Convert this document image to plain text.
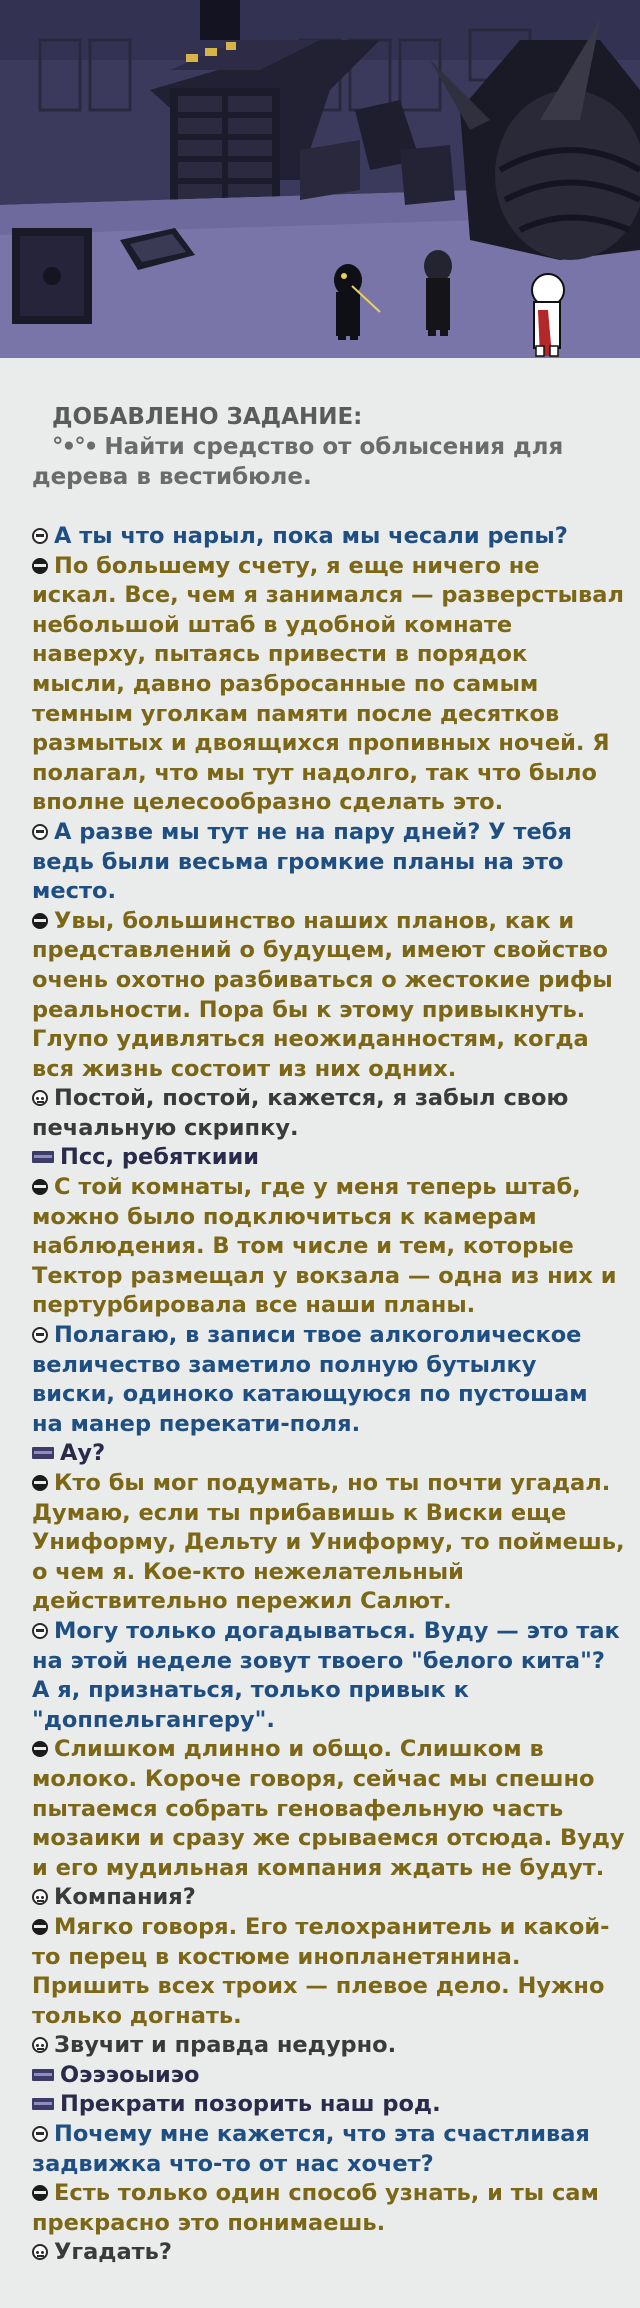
ДОБАВЛЕНО ЗАДАНИЕ:
°•°• Найти средство от облысения для дерева в вестибюле.
А ты что нарыл, пока мы чесали репы?
По большему счету, я еще ничего не искал. Все, чем я занимался — разверстывал небольшой штаб в удобной комнате наверху, пытаясь привести в порядок мысли, давно разбросанные по самым темным уголкам памяти после десятков размытых и двоящихся пропивных ночей. Я полагал, что мы тут надолго, так что было вполне целесообразно сделать это.
А разве мы тут не на пару дней? У тебя ведь были весьма громкие планы на это место.
Увы, большинство наших планов, как и представлений о будущем, имеют свойство очень охотно разбиваться о жестокие рифы реальности. Пора бы к этому привыкнуть. Глупо удивляться неожиданностям, когда вся жизнь состоит из них одних.
Постой, постой, кажется, я забыл свою печальную скрипку.
Псс, ребяткиии
С той комнаты, где у меня теперь штаб, можно было подключиться к камерам наблюдения. В том числе и тем, которые Тектор размещал у вокзала — одна из них и пертурбировала все наши планы.
Полагаю, в записи твое алкоголическое величество заметило полную бутылку виски, одиноко катающуюся по пустошам на манер перекати-поля.
Ау?
Кто бы мог подумать, но ты почти угадал. Думаю, если ты прибавишь к Виски еще Униформу, Дельту и Униформу, то поймешь, о чем я. Кое-кто нежелательный действительно пережил Салют.
Могу только догадываться. Вуду — это так на этой неделе зовут твоего "белого кита"? А я, признаться, только привык к "доппельгангеру".
Слишком длинно и общо. Слишком в молоко. Короче говоря, сейчас мы спешно пытаемся собрать геновафельную часть мозаики и сразу же срываемся отсюда. Вуду и его мудильная компания ждать не будут.
Компания?
Мягко говоря. Его телохранитель и какой-то перец в костюме инопланетянина. Пришить всех троих — плевое дело. Нужно только догнать.
Звучит и правда недурно.
Оэээоыиэо
Прекрати позорить наш род.
Почему мне кажется, что эта счастливая задвижка что-то от нас хочет?
Есть только один способ узнать, и ты сам прекрасно это понимаешь.
Угадать?
